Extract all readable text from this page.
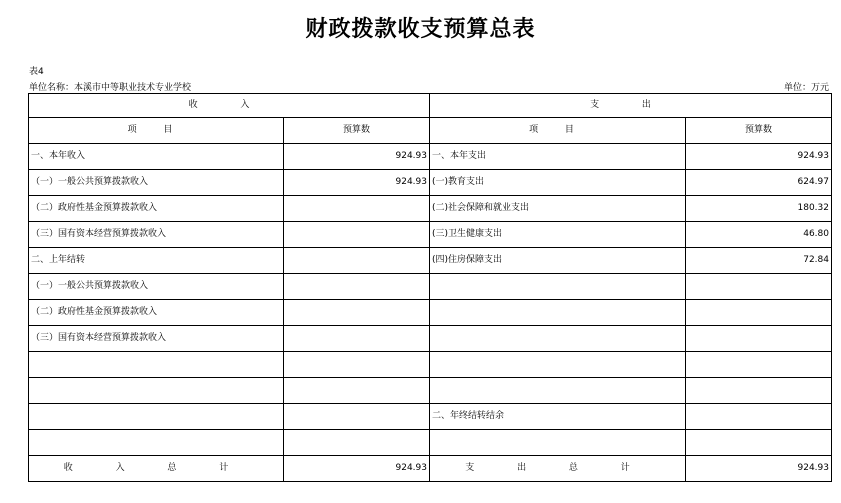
财政拨款收支预算总表
表4
单位名称：本溪市中等职业技术专业学校	单位：万元
收 入		支 出	
项 目	预算数	项 目	预算数
一、本年收入	924.93	一、本年支出	924.93
（一）一般公共预算拨款收入	924.93	(一)教育支出	624.97
（二）政府性基金预算拨款收入		(二)社会保障和就业支出	180.32
（三）国有资本经营预算拨款收入		(三)卫生健康支出	46.80
二、上年结转		(四)住房保障支出	72.84
（一）一般公共预算拨款收入			
（二）政府性基金预算拨款收入			
（三）国有资本经营预算拨款收入			

		二、年终结转结余	

收 入 总 计	924.93	支 出 总 计	924.93
